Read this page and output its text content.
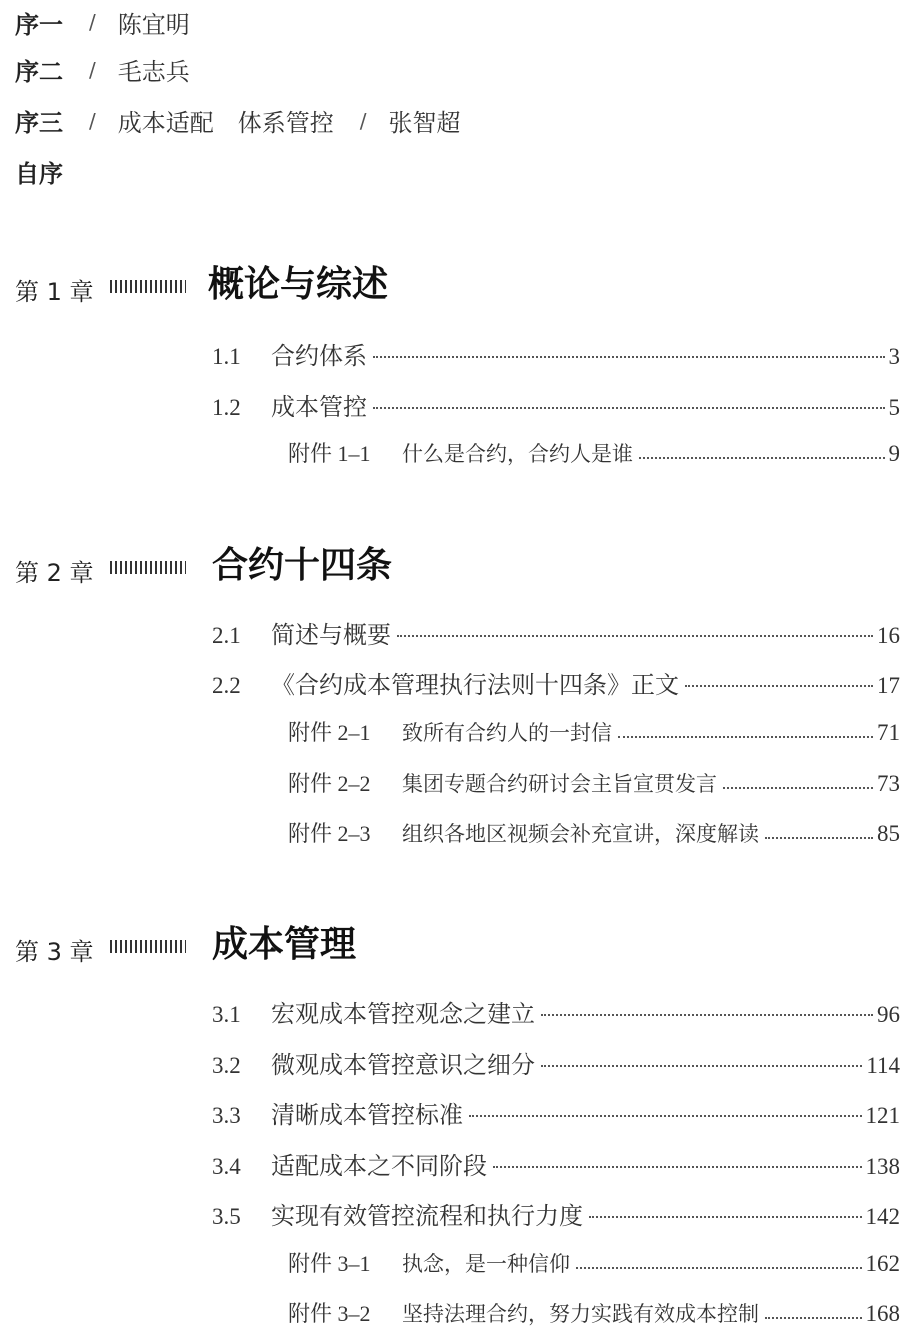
序一 / 陈宜明
序二 / 毛志兵
序三 / 成本适配　体系管控 / 张智超
自序
第 1 章	概论与综述
1.1	合约体系	3
1.2	成本管控	5
附件 1–1	什么是合约，合约人是谁	9
第 2 章	合约十四条
2.1	简述与概要	16
2.2	《合约成本管理执行法则十四条》正文	17
附件 2–1	致所有合约人的一封信	71
附件 2–2	集团专题合约研讨会主旨宣贯发言	73
附件 2–3	组织各地区视频会补充宣讲，深度解读	85
第 3 章	成本管理
3.1	宏观成本管控观念之建立	96
3.2	微观成本管控意识之细分	114
3.3	清晰成本管控标准	121
3.4	适配成本之不同阶段	138
3.5	实现有效管控流程和执行力度	142
附件 3–1	执念，是一种信仰	162
附件 3–2	坚持法理合约，努力实践有效成本控制	168
